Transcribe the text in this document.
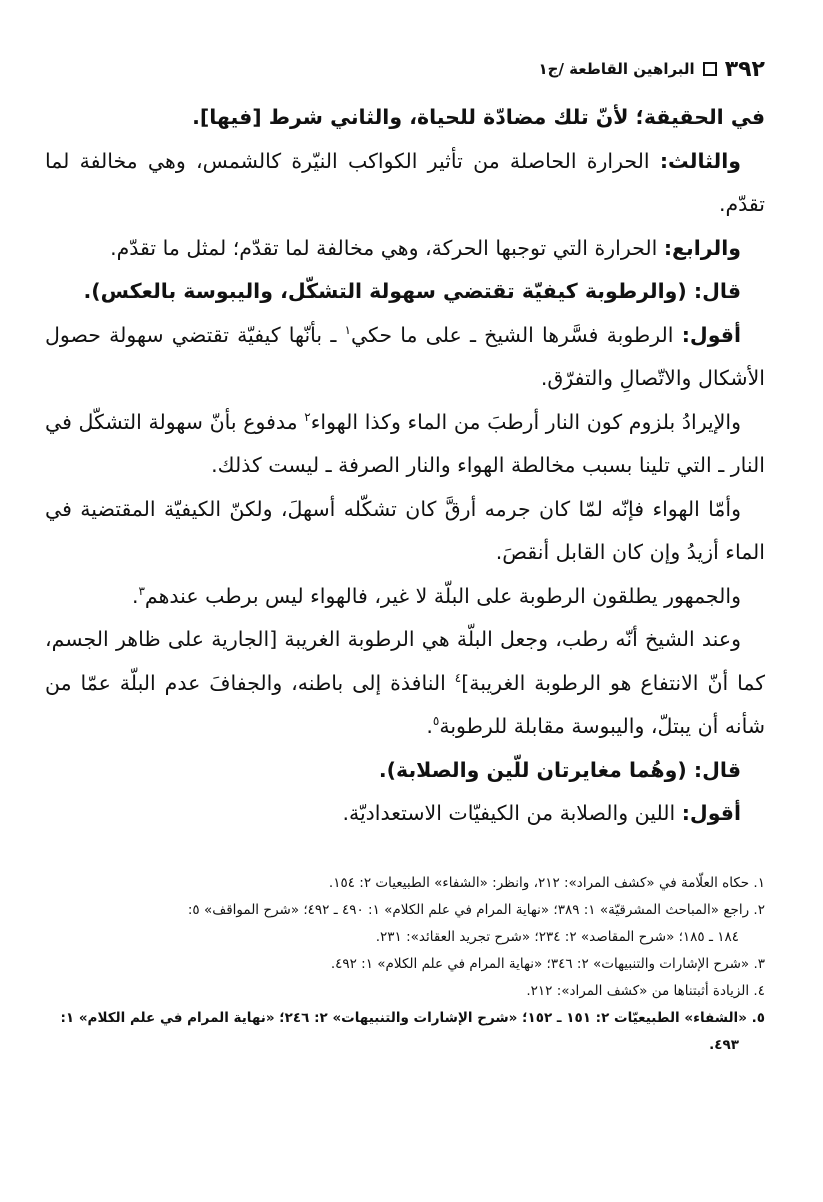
٣٩٢
البراهين القاطعة /ج١

في الحقيقة؛ لأنّ تلك مضادّة للحياة، والثاني شرط [فيها].

والثالث: الحرارة الحاصلة من تأثير الكواكب النيّرة كالشمس، وهي مخالفة لما تقدّم.

والرابع: الحرارة التي توجبها الحركة، وهي مخالفة لما تقدّم؛ لمثل ما تقدّم.

قال: (والرطوبة كيفيّة تقتضي سهولة التشكّل، واليبوسة بالعكس).

أقول: الرطوبة فسَّرها الشيخ ـ على ما حكي$^١$ ـ بأنّها كيفيّة تقتضي سهولة حصول الأشكال والاتّصالِ والتفرّق.

والإيرادُ بلزوم كون النار أرطبَ من الماء وكذا الهواء$^٢$ مدفوع بأنّ سهولة التشكّل في النار ـ التي تلينا بسبب مخالطة الهواء والنار الصرفة ـ ليست كذلك.

وأمّا الهواء فإنّه لمّا كان جرمه أرقَّ كان تشكّله أسهلَ، ولكنّ الكيفيّة المقتضية في الماء أزيدُ وإن كان القابل أنقصَ.

والجمهور يطلقون الرطوبة على البلّة لا غير، فالهواء ليس برطب عندهم$^٣$.

وعند الشيخ أنّه رطب، وجعل البلّة هي الرطوبة الغريبة [الجارية على ظاهر الجسم، كما أنّ الانتفاع هو الرطوبة الغريبة]$^٤$ النافذة إلى باطنه، والجفافَ عدم البلّة عمّا من شأنه أن يبتلّ، واليبوسة مقابلة للرطوبة$^٥$.

قال: (وهُما مغايرتان للّين والصلابة).

أقول: اللين والصلابة من الكيفيّات الاستعداديّة.

١. حكاه العلّامة في «كشف المراد»: ٢١٢، وانظر: «الشفاء» الطبيعيات ٢: ١٥٤.

٢. راجع «المباحث المشرقيّة» ١: ٣٨٩؛ «نهاية المرام في علم الكلام» ١: ٤٩٠ ـ ٤٩٢؛ «شرح المواقف» ٥:

١٨٤ ـ ١٨٥؛ «شرح المقاصد» ٢: ٢٣٤؛ «شرح تجريد العقائد»: ٢٣١.

٣. «شرح الإشارات والتنبيهات» ٢: ٣٤٦؛ «نهاية المرام في علم الكلام» ١: ٤٩٢.

٤. الزيادة أثبتناها من «كشف المراد»: ٢١٢.

٥. «الشفاء» الطبيعيّات ٢: ١٥١ ـ ١٥٢؛ «شرح الإشارات والتنبيهات» ٢: ٢٤٦؛ «نهاية المرام في علم الكلام» ١:

٤٩٣.
